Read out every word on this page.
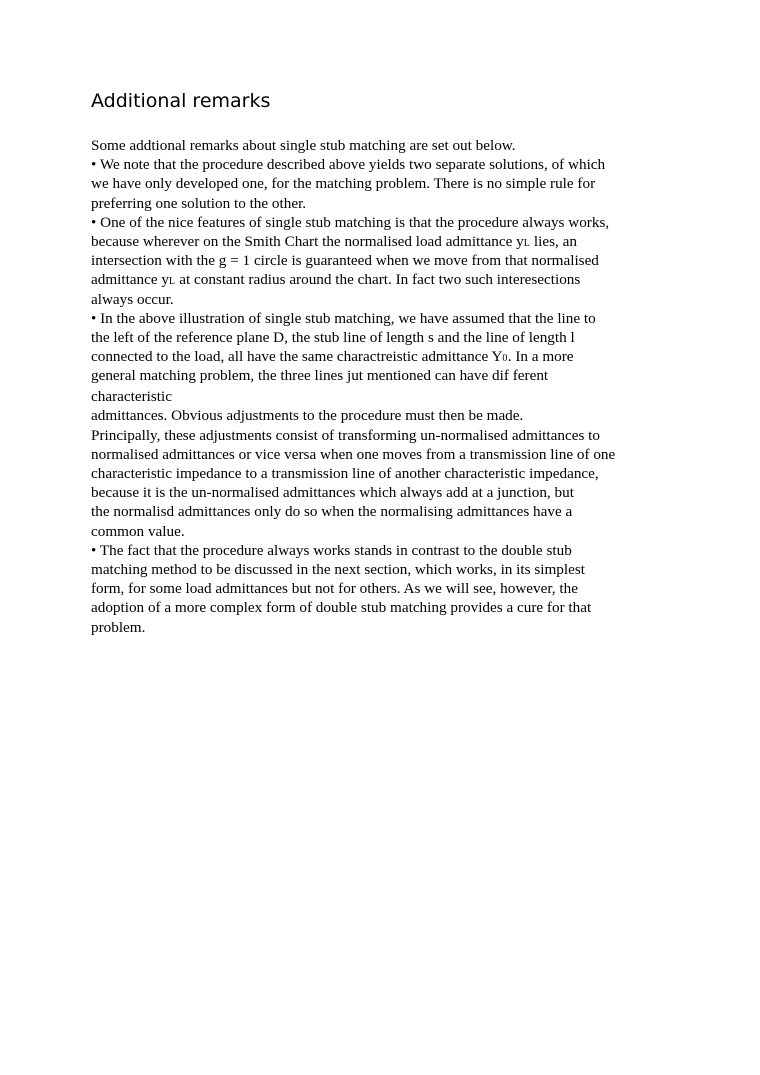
Additional remarks
Some addtional remarks about single stub matching are set out below.
• We note that the procedure described above yields two separate solutions, of which
we have only developed one, for the matching problem. There is no simple rule for
preferring one solution to the other.
• One of the nice features of single stub matching is that the procedure always works,
because wherever on the Smith Chart the normalised load admittance yL lies, an
intersection with the g = 1 circle is guaranteed when we move from that normalised
admittance yL at constant radius around the chart. In fact two such interesections
always occur.
• In the above illustration of single stub matching, we have assumed that the line to
the left of the reference plane D, the stub line of length s and the line of length l
connected to the load, all have the same charactreistic admittance Y0. In a more
general matching problem, the three lines jut mentioned can have dif ferent
characteristic
admittances. Obvious adjustments to the procedure must then be made.
Principally, these adjustments consist of transforming un-normalised admittances to
normalised admittances or vice versa when one moves from a transmission line of one
characteristic impedance to a transmission line of another characteristic impedance,
because it is the un-normalised admittances which always add at a junction, but
the normalisd admittances only do so when the normalising admittances have a
common value.
• The fact that the procedure always works stands in contrast to the double stub
matching method to be discussed in the next section, which works, in its simplest
form, for some load admittances but not for others. As we will see, however, the
adoption of a more complex form of double stub matching provides a cure for that
problem.
